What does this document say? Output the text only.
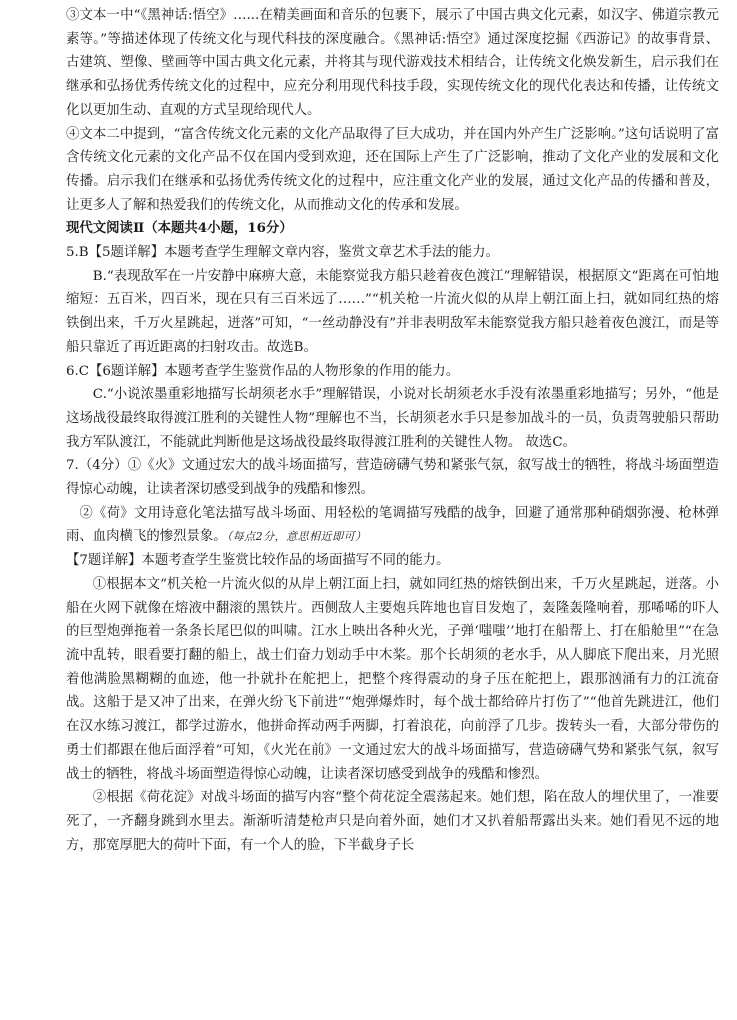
③文本一中“《黑神话:悟空》…...在精美画面和音乐的包裹下，展示了中国古典文化元素，如汉字、佛道宗教元素等。”等描述体现了传统文化与现代科技的深度融合。《黑神话:悟空》通过深度挖掘《西游记》的故事背景、古建筑、塑像、壁画等中国古典文化元素，并将其与现代游戏技术相结合，让传统文化焕发新生，启示我们在继承和弘扬优秀传统文化的过程中，应充分利用现代科技手段，实现传统文化的现代化表达和传播，让传统文化以更加生动、直观的方式呈现给现代人。

④文本二中提到，“富含传统文化元素的文化产品取得了巨大成功，并在国内外产生广泛影响。”这句话说明了富含传统文化元素的文化产品不仅在国内受到欢迎，还在国际上产生了广泛影响，推动了文化产业的发展和文化传播。启示我们在继承和弘扬优秀传统文化的过程中，应注重文化产业的发展，通过文化产品的传播和普及，让更多人了解和热爱我们的传统文化，从而推动文化的传承和发展。

现代文阅读Ⅱ（本题共4小题，16分）

5.B【5题详解】本题考查学生理解文章内容，鉴赏文章艺术手法的能力。

B.“表现敌军在一片安静中麻痹大意，未能察觉我方船只趁着夜色渡江”理解错误，根据原文“距离在可怕地缩短：五百米，四百米，现在只有三百米远了……”“机关枪一片流火似的从岸上朝江面上扫，就如同红热的熔铁倒出来，千万火星跳起，迸落”可知，“一丝动静没有”并非表明敌军未能察觉我方船只趁着夜色渡江，而是等船只靠近了再近距离的扫射攻击。故选B。

6.C【6题详解】本题考查学生鉴赏作品的人物形象的作用的能力。

C.“小说浓墨重彩地描写长胡须老水手”理解错误，小说对长胡须老水手没有浓墨重彩地描写；另外，“他是这场战役最终取得渡江胜利的关键性人物”理解也不当，长胡须老水手只是参加战斗的一员，负责驾驶船只帮助我方军队渡江，不能就此判断他是这场战役最终取得渡江胜利的关键性人物。 故选C。

7.（4分）①《火》文通过宏大的战斗场面描写，营造磅礴气势和紧张气氛，叙写战士的牺牲，将战斗场面塑造得惊心动魄，让读者深切感受到战争的残酷和惨烈。

②《荷》文用诗意化笔法描写战斗场面、用轻松的笔调描写残酷的战争，回避了通常那种硝烟弥漫、枪林弹雨、血肉横飞的惨烈景象。（每点2分，意思相近即可）

【7题详解】本题考查学生鉴赏比较作品的场面描写不同的能力。

①根据本文“机关枪一片流火似的从岸上朝江面上扫，就如同红热的熔铁倒出来，千万火星跳起，迸落。小船在火网下就像在熔液中翻滚的黑铁片。西侧敌人主要炮兵阵地也盲目发炮了，轰隆轰隆响着，那唏唏的吓人的巨型炮弹拖着一条条长尾巴似的叫啸。江水上映出各种火光，子弹‘嗤嗤’’地打在船帮上、打在船舱里”“在急流中乱转，眼看要打翻的船上，战士们奋力划动手中木桨。那个长胡须的老水手，从人脚底下爬出来，月光照着他满脸黑糊糊的血迹，他一扑就扑在舵把上，把整个疼得震动的身子压在舵把上，跟那汹涌有力的江流奋战。这船于是又冲了出来，在弹火纷飞下前进”“炮弹爆炸时，每个战士都给碎片打伤了”“他首先跳进江，他们在汉水练习渡江，都学过游水，他拼命挥动两手两脚，打着浪花，向前浮了几步。拨转头一看，大部分带伤的勇士们都跟在他后面浮着”可知，《火光在前》一文通过宏大的战斗场面描写，营造磅礴气势和紧张气氛，叙写战士的牺牲，将战斗场面塑造得惊心动魄，让读者深切感受到战争的残酷和惨烈。

②根据《荷花淀》对战斗场面的描写内容“整个荷花淀全震荡起来。她们想，陷在敌人的埋伏里了，一准要死了，一齐翻身跳到水里去。渐渐听清楚枪声只是向着外面，她们才又扒着船帮露出头来。她们看见不远的地方，那宽厚肥大的荷叶下面，有一个人的脸，下半截身子长
